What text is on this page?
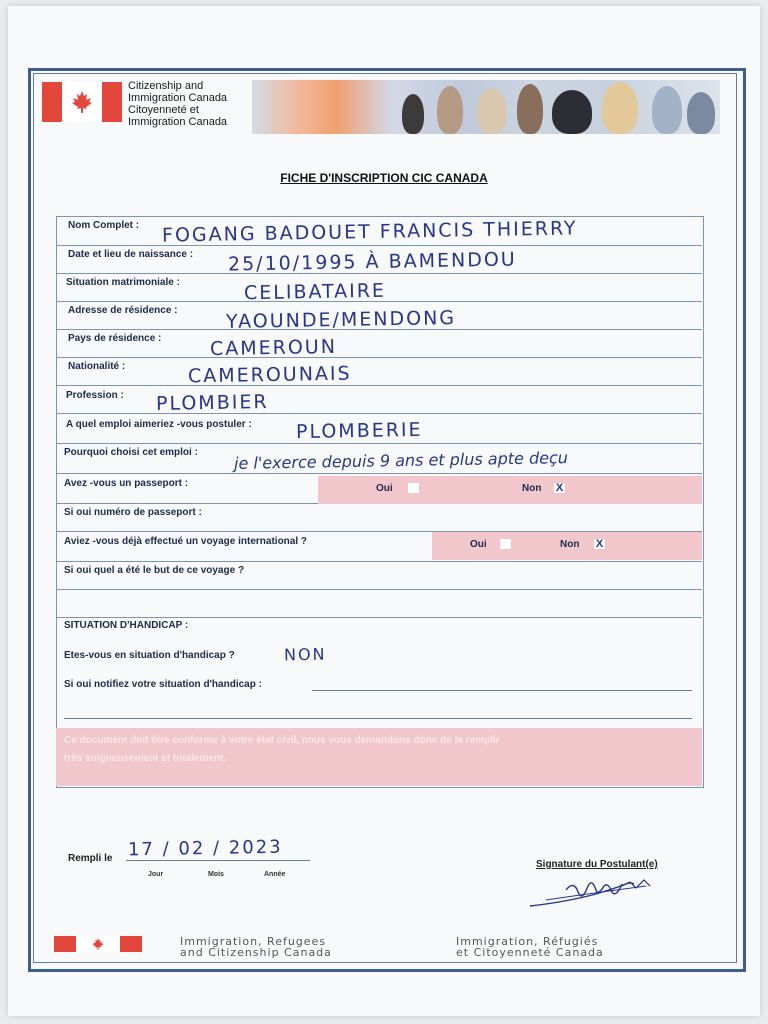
Citizenship and
Immigration Canada
Citoyenneté et
Immigration Canada
FICHE D'INSCRIPTION CIC CANADA
Nom Complet : FOGANG BADOUET FRANCIS THIERRY
Date et lieu de naissance : 25/10/1995 À BAMENDOU
Situation matrimoniale :	CELIBATAIRE
Adresse de résidence :	YAOUNDE/MENDONG
Pays de résidence :	CAMEROUN
Nationalité :	CAMEROUNAIS
Profession : PLOMBIER
A quel emploi aimeriez -vous postuler : PLOMBERIE
Pourquoi choisi cet emploi : je l'exerce depuis 9 ans et plus apte deçu
Avez -vous un passeport :	Oui	Non X
Si oui numéro de passeport :
Aviez -vous déjà effectué un voyage international ?	Oui	Non X
Si oui quel a été le but de ce voyage ?
SITUATION D'HANDICAP :
Etes-vous en situation d'handicap ?	NON
Si oui notifiez votre situation d'handicap :
Ce document doit être conforme à votre état civil, nous vous demandons donc de le remplir
très soigneusement et totalement.
Rempli le 17 / 02 / 2023
Jour	Mois	Année
Signature du Postulant(e)
Immigration, Refugees
and Citizenship Canada
Immigration, Réfugiés
et Citoyenneté Canada
